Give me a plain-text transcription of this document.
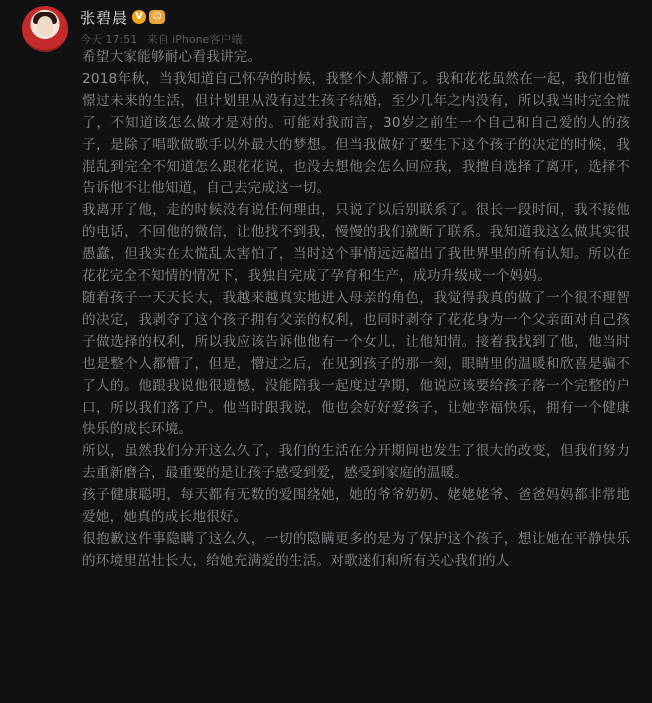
张碧晨 V	☺
今天 17:51 来自 iPhone客户端

希望大家能够耐心看我讲完。

2018年秋，当我知道自己怀孕的时候，我整个人都懵了。我和花花虽然在一起，我们也憧憬过未来的生活，但计划里从没有过生孩子结婚，至少几年之内没有，所以我当时完全慌了，不知道该怎么做才是对的。可能对我而言，30岁之前生一个自己和自己爱的人的孩子，是除了唱歌做歌手以外最大的梦想。但当我做好了要生下这个孩子的决定的时候，我混乱到完全不知道怎么跟花花说，也没去想他会怎么回应我，我擅自选择了离开，选择不告诉他不让他知道，自己去完成这一切。

我离开了他，走的时候没有说任何理由，只说了以后别联系了。很长一段时间，我不接他的电话，不回他的微信，让他找不到我，慢慢的我们就断了联系。我知道我这么做其实很愚蠢，但我实在太慌乱太害怕了，当时这个事情远远超出了我世界里的所有认知。所以在花花完全不知情的情况下，我独自完成了孕育和生产，成功升级成一个妈妈。

随着孩子一天天长大，我越来越真实地进入母亲的角色，我觉得我真的做了一个很不理智的决定，我剥夺了这个孩子拥有父亲的权利，也同时剥夺了花花身为一个父亲面对自己孩子做选择的权利，所以我应该告诉他他有一个女儿，让他知情。接着我找到了他，他当时也是整个人都懵了，但是，懵过之后，在见到孩子的那一刻，眼睛里的温暖和欣喜是骗不了人的。他跟我说他很遗憾，没能陪我一起度过孕期，他说应该要给孩子落一个完整的户口，所以我们落了户。他当时跟我说，他也会好好爱孩子，让她幸福快乐，拥有一个健康快乐的成长环境。

所以，虽然我们分开这么久了，我们的生活在分开期间也发生了很大的改变，但我们努力去重新磨合，最重要的是让孩子感受到爱，感受到家庭的温暖。

孩子健康聪明，每天都有无数的爱围绕她，她的爷爷奶奶、姥姥姥爷、爸爸妈妈都非常地爱她，她真的成长地很好。

很抱歉这件事隐瞒了这么久，一切的隐瞒更多的是为了保护这个孩子，想让她在平静快乐的环境里茁壮长大，给她充满爱的生活。对歌迷们和所有关心我们的人
